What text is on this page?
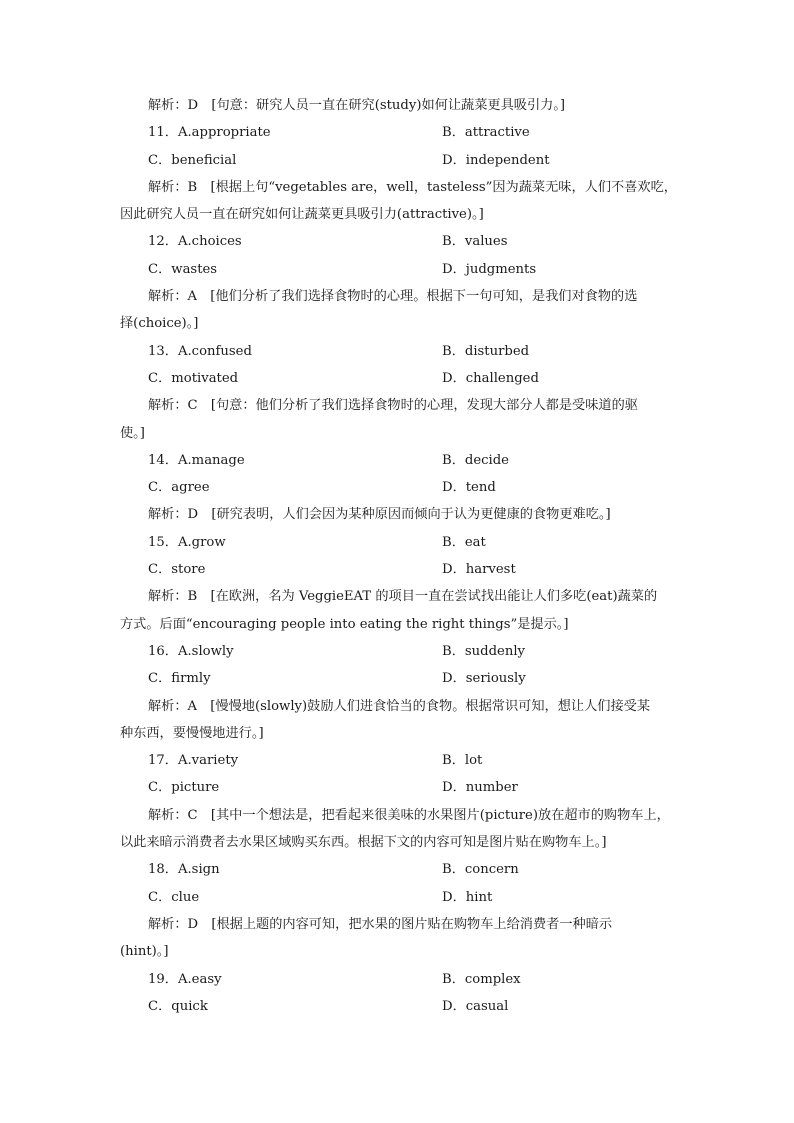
解析：D　[句意：研究人员一直在研究(study)如何让蔬菜更具吸引力。]
11．A.appropriate	B．attractive
C．beneficial	D．independent
解析：B　[根据上句“vegetables are，well，tasteless”因为蔬菜无味，人们不喜欢吃，
因此研究人员一直在研究如何让蔬菜更具吸引力(attractive)。]
12．A.choices	B．values
C．wastes	D．judgments
解析：A　[他们分析了我们选择食物时的心理。根据下一句可知，是我们对食物的选
择(choice)。]
13．A.confused	B．disturbed
C．motivated	D．challenged
解析：C　[句意：他们分析了我们选择食物时的心理，发现大部分人都是受味道的驱
使。]
14．A.manage	B．decide
C．agree	D．tend
解析：D　[研究表明，人们会因为某种原因而倾向于认为更健康的食物更难吃。]
15．A.grow	B．eat
C．store	D．harvest
解析：B　[在欧洲，名为 VeggieEAT 的项目一直在尝试找出能让人们多吃(eat)蔬菜的
方式。后面“encouraging people into eating the right things”是提示。]
16．A.slowly	B．suddenly
C．firmly	D．seriously
解析：A　[慢慢地(slowly)鼓励人们进食恰当的食物。根据常识可知，想让人们接受某
种东西，要慢慢地进行。]
17．A.variety	B．lot
C．picture	D．number
解析：C　[其中一个想法是，把看起来很美味的水果图片(picture)放在超市的购物车上，
以此来暗示消费者去水果区域购买东西。根据下文的内容可知是图片贴在购物车上。]
18．A.sign	B．concern
C．clue	D．hint
解析：D　[根据上题的内容可知，把水果的图片贴在购物车上给消费者一种暗示
(hint)。]
19．A.easy	B．complex
C．quick	D．casual
